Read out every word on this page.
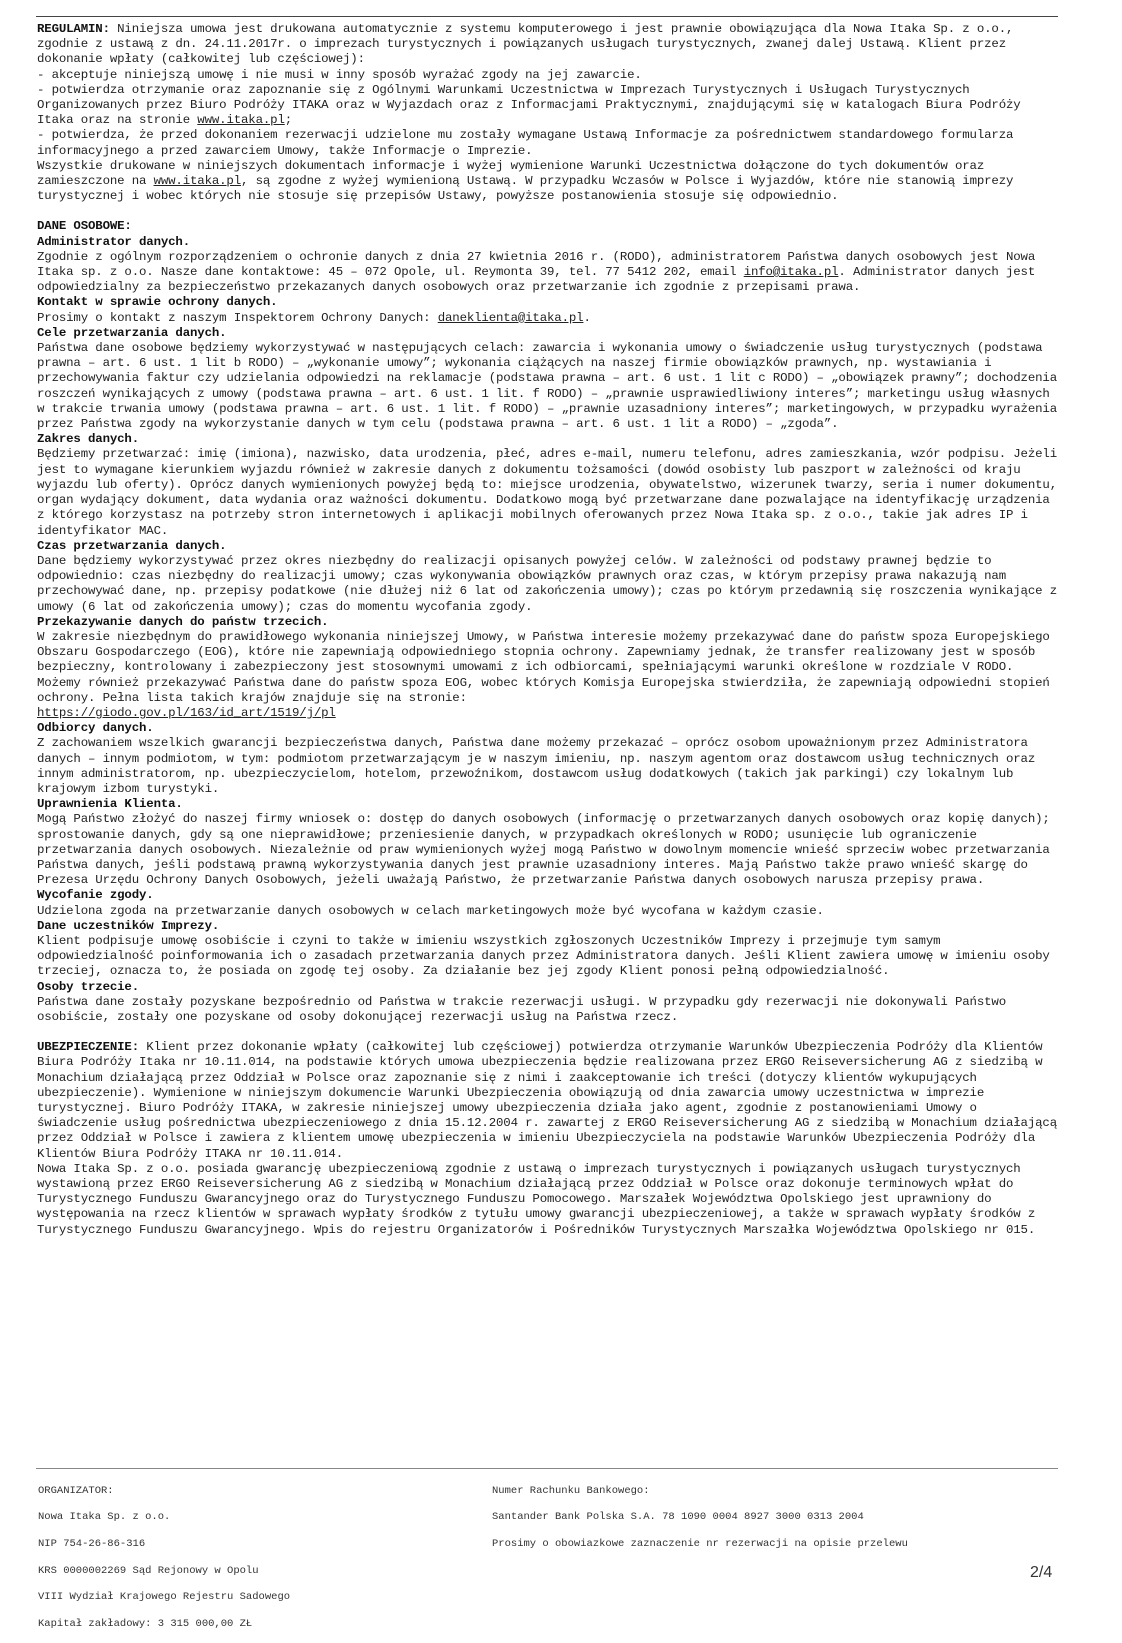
REGULAMIN: Niniejsza umowa jest drukowana automatycznie z systemu komputerowego i jest prawnie obowiązująca dla Nowa Itaka Sp. z o.o., zgodnie z ustawą z dn. 24.11.2017r. o imprezach turystycznych i powiązanych usługach turystycznych, zwanej dalej Ustawą. Klient przez dokonanie wpłaty (całkowitej lub częściowej):

- akceptuje niniejszą umowę i nie musi w inny sposób wyrażać zgody na jej zawarcie.

- potwierdza otrzymanie oraz zapoznanie się z Ogólnymi Warunkami Uczestnictwa w Imprezach Turystycznych i Usługach Turystycznych Organizowanych przez Biuro Podróży ITAKA oraz w Wyjazdach oraz z Informacjami Praktycznymi, znajdującymi się w katalogach Biura Podróży Itaka oraz na stronie www.itaka.pl;

- potwierdza, że przed dokonaniem rezerwacji udzielone mu zostały wymagane Ustawą Informacje za pośrednictwem standardowego formularza informacyjnego a przed zawarciem Umowy, także Informacje o Imprezie.

Wszystkie drukowane w niniejszych dokumentach informacje i wyżej wymienione Warunki Uczestnictwa dołączone do tych dokumentów oraz zamieszczone na www.itaka.pl, są zgodne z wyżej wymienioną Ustawą. W przypadku Wczasów w Polsce i Wyjazdów, które nie stanowią imprezy turystycznej i wobec których nie stosuje się przepisów Ustawy, powyższe postanowienia stosuje się odpowiednio.

DANE OSOBOWE:

Administrator danych.

Zgodnie z ogólnym rozporządzeniem o ochronie danych z dnia 27 kwietnia 2016 r. (RODO), administratorem Państwa danych osobowych jest Nowa Itaka sp. z o.o. Nasze dane kontaktowe: 45 – 072 Opole, ul. Reymonta 39, tel. 77 5412 202, email info@itaka.pl. Administrator danych jest odpowiedzialny za bezpieczeństwo przekazanych danych osobowych oraz przetwarzanie ich zgodnie z przepisami prawa.

Kontakt w sprawie ochrony danych.

Prosimy o kontakt z naszym Inspektorem Ochrony Danych: daneklienta@itaka.pl.

Cele przetwarzania danych.

Państwa dane osobowe będziemy wykorzystywać w następujących celach: zawarcia i wykonania umowy o świadczenie usług turystycznych (podstawa prawna – art. 6 ust. 1 lit b RODO) – „wykonanie umowy”; wykonania ciążących na naszej firmie obowiązków prawnych, np. wystawiania i przechowywania faktur czy udzielania odpowiedzi na reklamacje (podstawa prawna – art. 6 ust. 1 lit c RODO) – „obowiązek prawny”; dochodzenia roszczeń wynikających z umowy (podstawa prawna – art. 6 ust. 1 lit. f RODO) – „prawnie usprawiedliwiony interes”; marketingu usług własnych w trakcie trwania umowy (podstawa prawna – art. 6 ust. 1 lit. f RODO) – „prawnie uzasadniony interes”; marketingowych, w przypadku wyrażenia przez Państwa zgody na wykorzystanie danych w tym celu (podstawa prawna – art. 6 ust. 1 lit a RODO) – „zgoda”.

Zakres danych.

Będziemy przetwarzać: imię (imiona), nazwisko, data urodzenia, płeć, adres e-mail, numeru telefonu, adres zamieszkania, wzór podpisu. Jeżeli jest to wymagane kierunkiem wyjazdu również w zakresie danych z dokumentu tożsamości (dowód osobisty lub paszport w zależności od kraju wyjazdu lub oferty). Oprócz danych wymienionych powyżej będą to: miejsce urodzenia, obywatelstwo, wizerunek twarzy, seria i numer dokumentu, organ wydający dokument, data wydania oraz ważności dokumentu. Dodatkowo mogą być przetwarzane dane pozwalające na identyfikację urządzenia z którego korzystasz na potrzeby stron internetowych i aplikacji mobilnych oferowanych przez Nowa Itaka sp. z o.o., takie jak adres IP i identyfikator MAC.

Czas przetwarzania danych.

Dane będziemy wykorzystywać przez okres niezbędny do realizacji opisanych powyżej celów. W zależności od podstawy prawnej będzie to odpowiednio: czas niezbędny do realizacji umowy; czas wykonywania obowiązków prawnych oraz czas, w którym przepisy prawa nakazują nam przechowywać dane, np. przepisy podatkowe (nie dłużej niż 6 lat od zakończenia umowy); czas po którym przedawnią się roszczenia wynikające z umowy (6 lat od zakończenia umowy); czas do momentu wycofania zgody.

Przekazywanie danych do państw trzecich.

W zakresie niezbędnym do prawidłowego wykonania niniejszej Umowy, w Państwa interesie możemy przekazywać dane do państw spoza Europejskiego Obszaru Gospodarczego (EOG), które nie zapewniają odpowiedniego stopnia ochrony. Zapewniamy jednak, że transfer realizowany jest w sposób bezpieczny, kontrolowany i zabezpieczony jest stosownymi umowami z ich odbiorcami, spełniającymi warunki określone w rozdziale V RODO. Możemy również przekazywać Państwa dane do państw spoza EOG, wobec których Komisja Europejska stwierdziła, że zapewniają odpowiedni stopień ochrony. Pełna lista takich krajów znajduje się na stronie:

https://giodo.gov.pl/163/id_art/1519/j/pl

Odbiorcy danych.

Z zachowaniem wszelkich gwarancji bezpieczeństwa danych, Państwa dane możemy przekazać – oprócz osobom upoważnionym przez Administratora danych – innym podmiotom, w tym: podmiotom przetwarzającym je w naszym imieniu, np. naszym agentom oraz dostawcom usług technicznych oraz innym administratorom, np. ubezpieczycielom, hotelom, przewoźnikom, dostawcom usług dodatkowych (takich jak parkingi) czy lokalnym lub krajowym izbom turystyki.

Uprawnienia Klienta.

Mogą Państwo złożyć do naszej firmy wniosek o: dostęp do danych osobowych (informację o przetwarzanych danych osobowych oraz kopię danych); sprostowanie danych, gdy są one nieprawidłowe; przeniesienie danych, w przypadkach określonych w RODO; usunięcie lub ograniczenie przetwarzania danych osobowych. Niezależnie od praw wymienionych wyżej mogą Państwo w dowolnym momencie wnieść sprzeciw wobec przetwarzania Państwa danych, jeśli podstawą prawną wykorzystywania danych jest prawnie uzasadniony interes. Mają Państwo także prawo wnieść skargę do Prezesa Urzędu Ochrony Danych Osobowych, jeżeli uważają Państwo, że przetwarzanie Państwa danych osobowych narusza przepisy prawa.

Wycofanie zgody.

Udzielona zgoda na przetwarzanie danych osobowych w celach marketingowych może być wycofana w każdym czasie.

Dane uczestników Imprezy.

Klient podpisuje umowę osobiście i czyni to także w imieniu wszystkich zgłoszonych Uczestników Imprezy i przejmuje tym samym odpowiedzialność poinformowania ich o zasadach przetwarzania danych przez Administratora danych. Jeśli Klient zawiera umowę w imieniu osoby trzeciej, oznacza to, że posiada on zgodę tej osoby. Za działanie bez jej zgody Klient ponosi pełną odpowiedzialność.

Osoby trzecie.

Państwa dane zostały pozyskane bezpośrednio od Państwa w trakcie rezerwacji usługi. W przypadku gdy rezerwacji nie dokonywali Państwo osobiście, zostały one pozyskane od osoby dokonującej rezerwacji usług na Państwa rzecz.

UBEZPIECZENIE: Klient przez dokonanie wpłaty (całkowitej lub częściowej) potwierdza otrzymanie Warunków Ubezpieczenia Podróży dla Klientów Biura Podróży Itaka nr 10.11.014, na podstawie których umowa ubezpieczenia będzie realizowana przez ERGO Reiseversicherung AG z siedzibą w Monachium działającą przez Oddział w Polsce oraz zapoznanie się z nimi i zaakceptowanie ich treści (dotyczy klientów wykupujących ubezpieczenie). Wymienione w niniejszym dokumencie Warunki Ubezpieczenia obowiązują od dnia zawarcia umowy uczestnictwa w imprezie turystycznej. Biuro Podróży ITAKA, w zakresie niniejszej umowy ubezpieczenia działa jako agent, zgodnie z postanowieniami Umowy o świadczenie usług pośrednictwa ubezpieczeniowego z dnia 15.12.2004 r. zawartej z ERGO Reiseversicherung AG z siedzibą w Monachium działającą przez Oddział w Polsce i zawiera z klientem umowę ubezpieczenia w imieniu Ubezpieczyciela na podstawie Warunków Ubezpieczenia Podróży dla Klientów Biura Podróży ITAKA nr 10.11.014.

Nowa Itaka Sp. z o.o. posiada gwarancję ubezpieczeniową zgodnie z ustawą o imprezach turystycznych i powiązanych usługach turystycznych wystawioną przez ERGO Reiseversicherung AG z siedzibą w Monachium działającą przez Oddział w Polsce oraz dokonuje terminowych wpłat do Turystycznego Funduszu Gwarancyjnego oraz do Turystycznego Funduszu Pomocowego. Marszałek Województwa Opolskiego jest uprawniony do występowania na rzecz klientów w sprawach wypłaty środków z tytułu umowy gwarancji ubezpieczeniowej, a także w sprawach wypłaty środków z Turystycznego Funduszu Gwarancyjnego. Wpis do rejestru Organizatorów i Pośredników Turystycznych Marszałka Województwa Opolskiego nr 015.

ORGANIZATOR:

Nowa Itaka Sp. z o.o.

NIP 754-26-86-316

KRS 0000002269 Sąd Rejonowy w Opolu

VIII Wydział Krajowego Rejestru Sadowego

Kapitał zakładowy: 3 315 000,00 ZŁ

Numer Rachunku Bankowego:

Santander Bank Polska S.A. 78 1090 0004 8927 3000 0313 2004

Prosimy o obowiazkowe zaznaczenie nr rezerwacji na opisie przelewu

2/4
